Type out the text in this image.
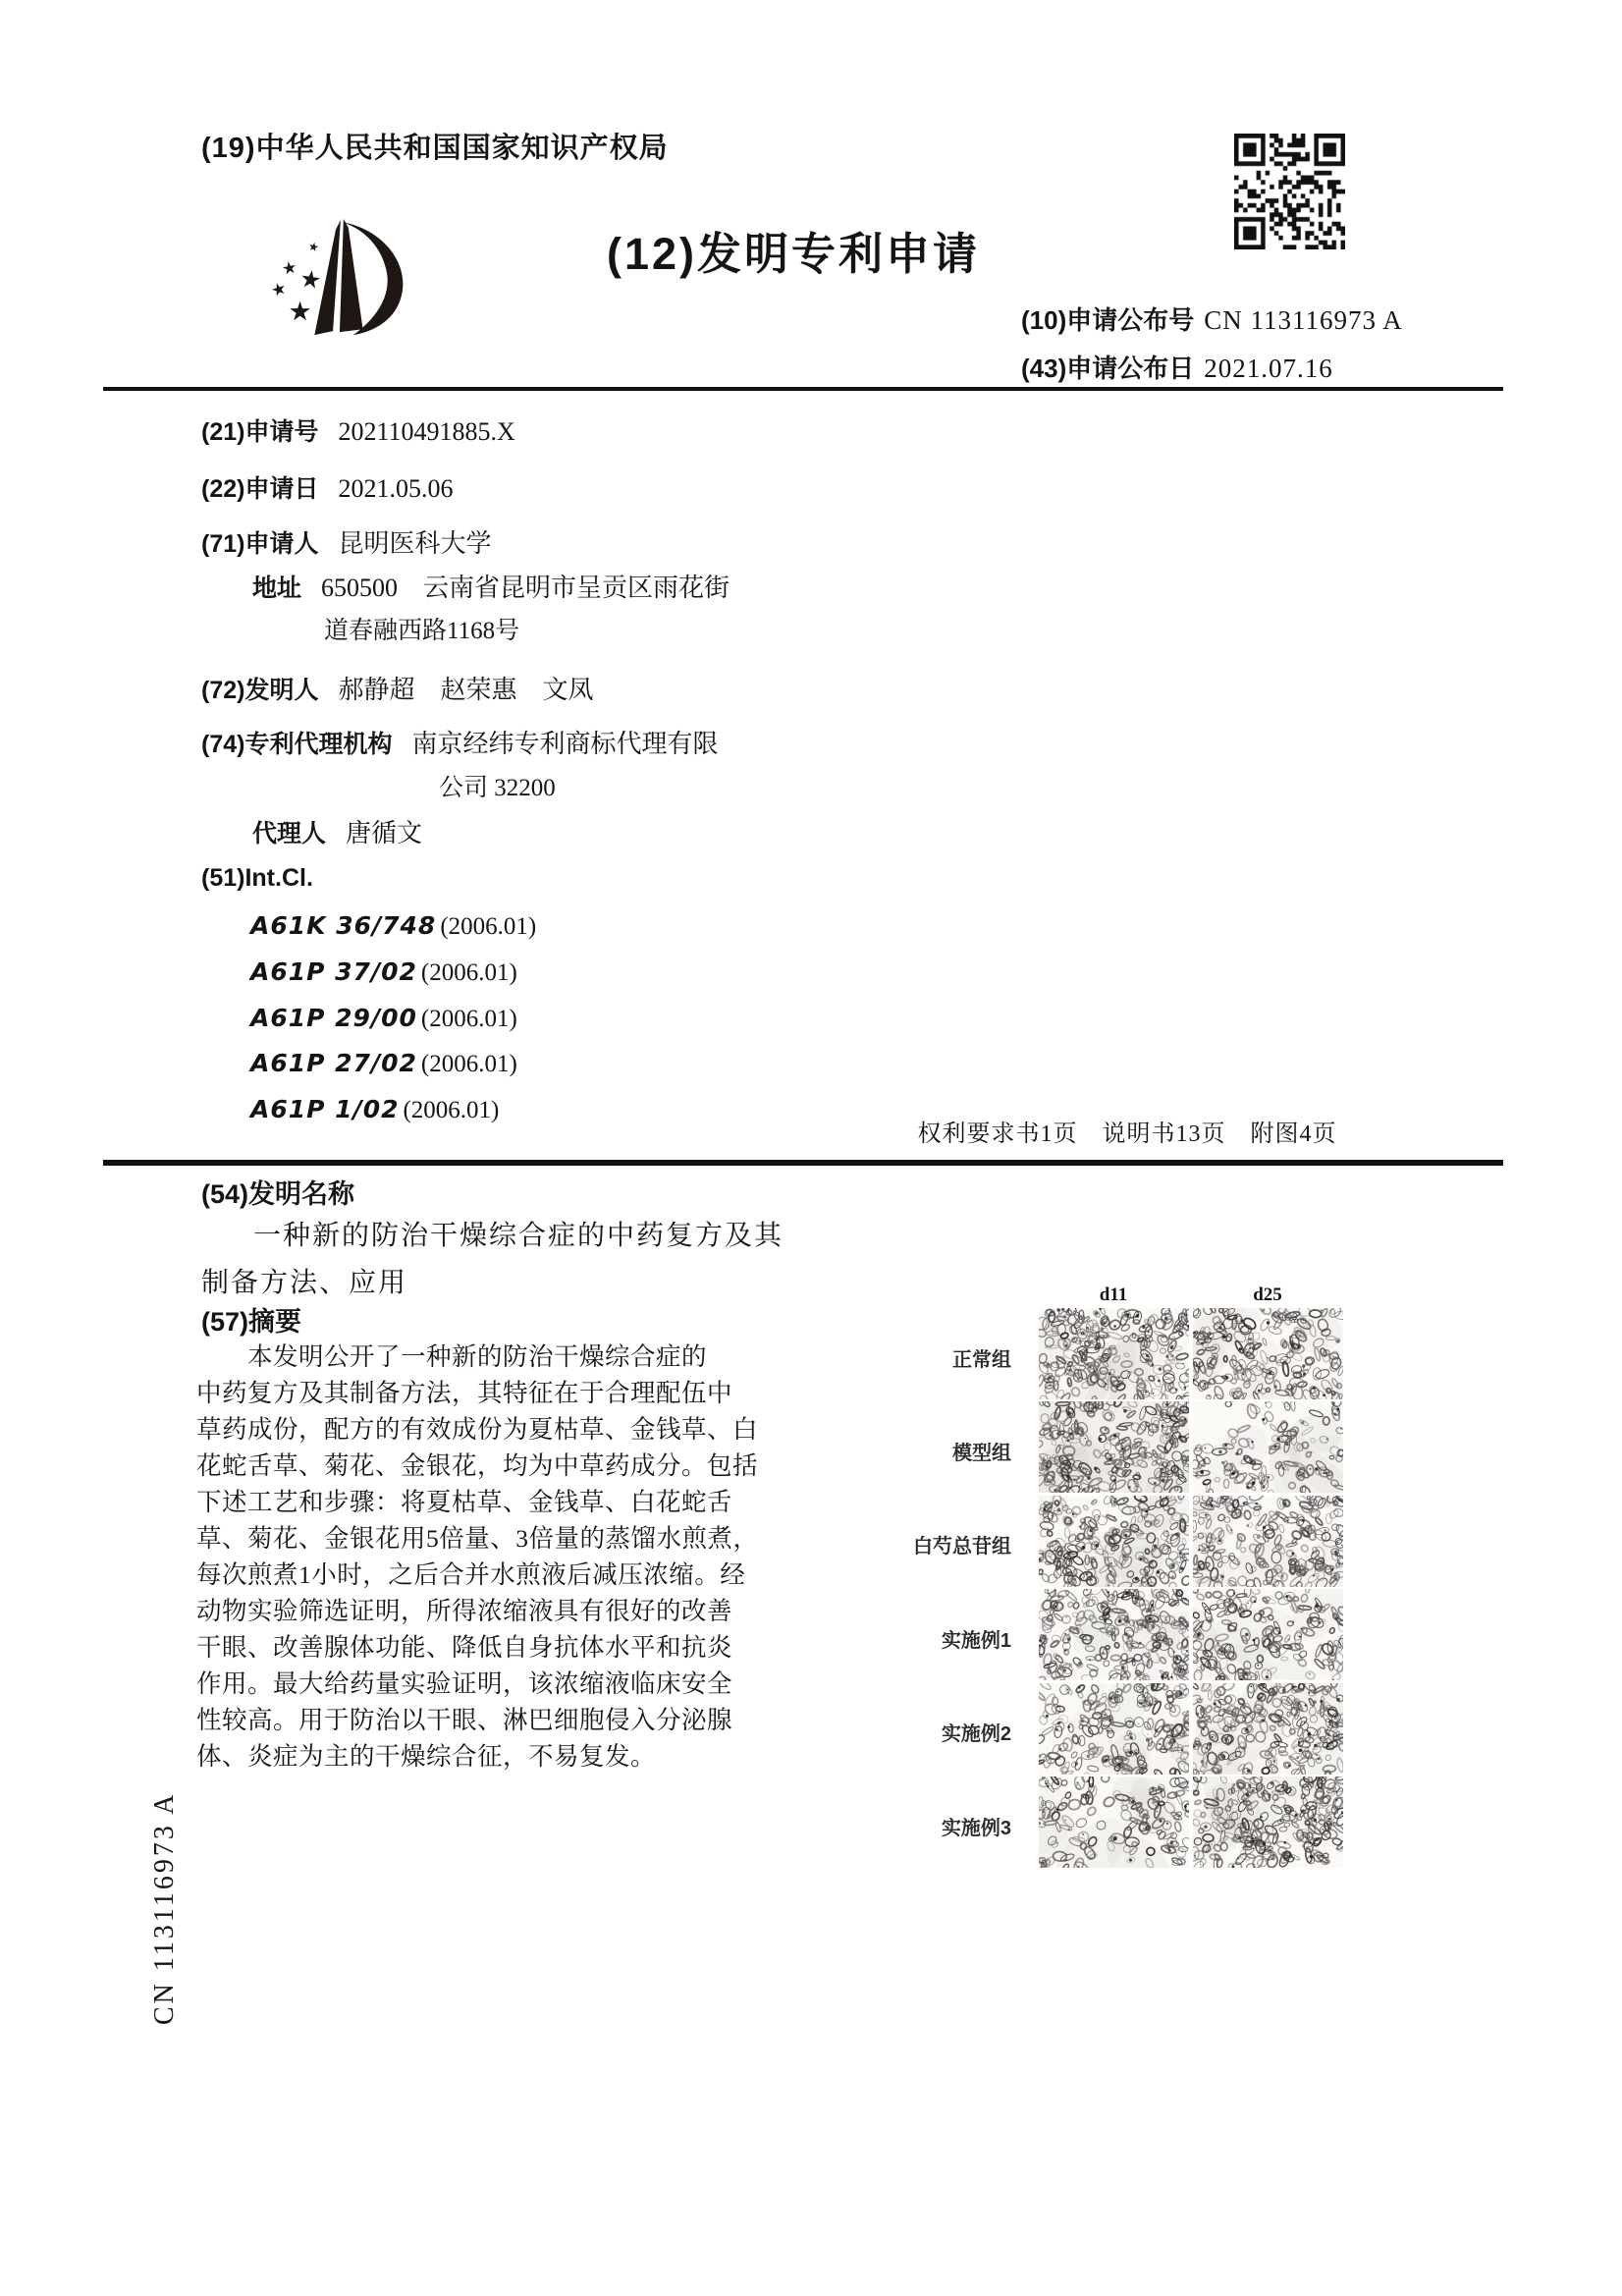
(19)中华人民共和国国家知识产权局
(12)发明专利申请
(10)申请公布号 CN 113116973 A
(43)申请公布日 2021.07.16
(21)申请号 202110491885.X
(22)申请日 2021.05.06
(71)申请人 昆明医科大学
地址 650500　云南省昆明市呈贡区雨花街
道春融西路1168号
(72)发明人 郝静超　赵荣惠　文凤
(74)专利代理机构 南京经纬专利商标代理有限
公司 32200
代理人 唐循文
(51)Int.Cl.
A61K 36/748 (2006.01)
A61P 37/02 (2006.01)
A61P 29/00 (2006.01)
A61P 27/02 (2006.01)
A61P 1/02 (2006.01)
权利要求书1页　说明书13页　附图4页
(54)发明名称
一种新的防治干燥综合症的中药复方及其
制备方法、应用
(57)摘要
本发明公开了一种新的防治干燥综合症的
中药复方及其制备方法，其特征在于合理配伍中
草药成份，配方的有效成份为夏枯草、金钱草、白
花蛇舌草、菊花、金银花，均为中草药成分。包括
下述工艺和步骤：将夏枯草、金钱草、白花蛇舌
草、菊花、金银花用5倍量、3倍量的蒸馏水煎煮，
每次煎煮1小时，之后合并水煎液后减压浓缩。经
动物实验筛选证明，所得浓缩液具有很好的改善
干眼、改善腺体功能、降低自身抗体水平和抗炎
作用。最大给药量实验证明，该浓缩液临床安全
性较高。用于防治以干眼、淋巴细胞侵入分泌腺
体、炎症为主的干燥综合征，不易复发。
d11	d25
正常组
模型组
白芍总苷组
实施例1
实施例2
实施例3
CN 113116973 A
